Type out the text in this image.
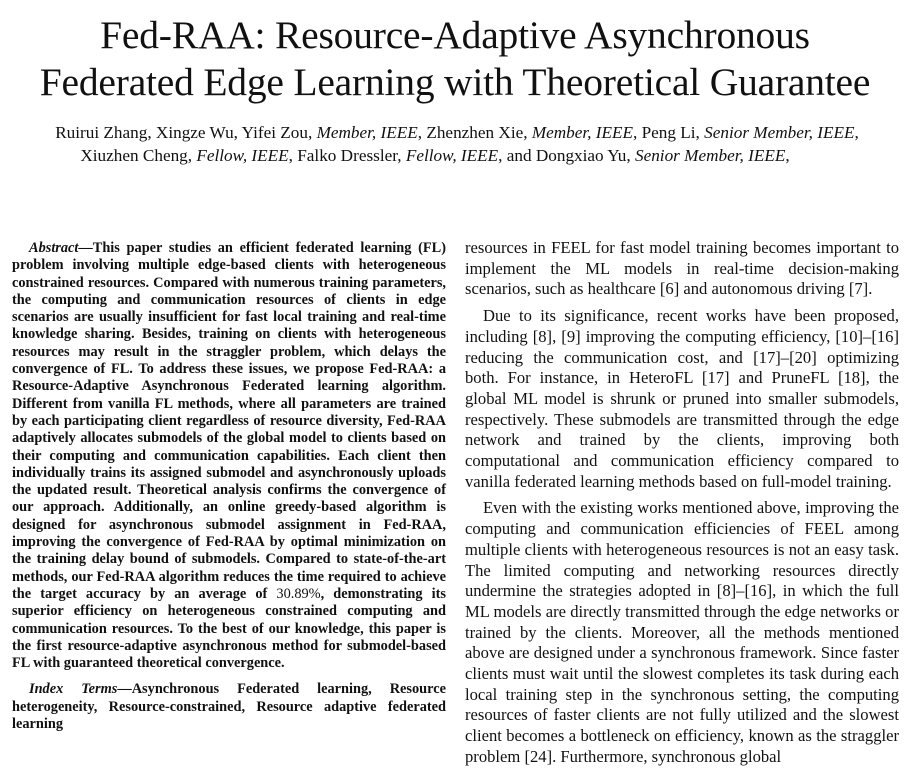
Fed-RAA: Resource-Adaptive Asynchronous
Federated Edge Learning with Theoretical Guarantee
Ruirui Zhang, Xingze Wu, Yifei Zou, Member, IEEE, Zhenzhen Xie, Member, IEEE, Peng Li, Senior Member, IEEE,
Xiuzhen Cheng, Fellow, IEEE, Falko Dressler, Fellow, IEEE, and Dongxiao Yu, Senior Member, IEEE,

Abstract—This paper studies an efficient federated learning (FL) problem involving multiple edge-based clients with heterogeneous constrained resources. Compared with numerous training parameters, the computing and communication resources of clients in edge scenarios are usually insufficient for fast local training and real-time knowledge sharing. Besides, training on clients with heterogeneous resources may result in the straggler problem, which delays the convergence of FL. To address these issues, we propose Fed-RAA: a Resource-Adaptive Asynchronous Federated learning algorithm. Different from vanilla FL methods, where all parameters are trained by each participating client regardless of resource diversity, Fed-RAA adaptively allocates submodels of the global model to clients based on their computing and communication capabilities. Each client then individually trains its assigned submodel and asynchronously uploads the updated result. Theoretical analysis confirms the convergence of our approach. Additionally, an online greedy-based algorithm is designed for asynchronous submodel assignment in Fed-RAA, improving the convergence of Fed-RAA by optimal minimization on the training delay bound of submodels. Compared to state-of-the-art methods, our Fed-RAA algorithm reduces the time required to achieve the target accuracy by an average of 30.89%, demonstrating its superior efficiency on heterogeneous constrained computing and communication resources. To the best of our knowledge, this paper is the first resource-adaptive asynchronous method for submodel-based FL with guaranteed theoretical convergence.

Index Terms—Asynchronous Federated learning, Resource heterogeneity, Resource-constrained, Resource adaptive federated learning

resources in FEEL for fast model training becomes important to implement the ML models in real-time decision-making scenarios, such as healthcare [6] and autonomous driving [7].

Due to its significance, recent works have been proposed, including [8], [9] improving the computing efficiency, [10]–[16] reducing the communication cost, and [17]–[20] optimizing both. For instance, in HeteroFL [17] and PruneFL [18], the global ML model is shrunk or pruned into smaller submodels, respectively. These submodels are transmitted through the edge network and trained by the clients, improving both computational and communication efficiency compared to vanilla federated learning methods based on full-model training.

Even with the existing works mentioned above, improving the computing and communication efficiencies of FEEL among multiple clients with heterogeneous resources is not an easy task. The limited computing and networking resources directly undermine the strategies adopted in [8]–[16], in which the full ML models are directly transmitted through the edge networks or trained by the clients. Moreover, all the methods mentioned above are designed under a synchronous framework. Since faster clients must wait until the slowest completes its task during each local training step in the synchronous setting, the computing resources of faster clients are not fully utilized and the slowest client becomes a bottleneck on efficiency, known as the straggler problem [24]. Furthermore, synchronous global
